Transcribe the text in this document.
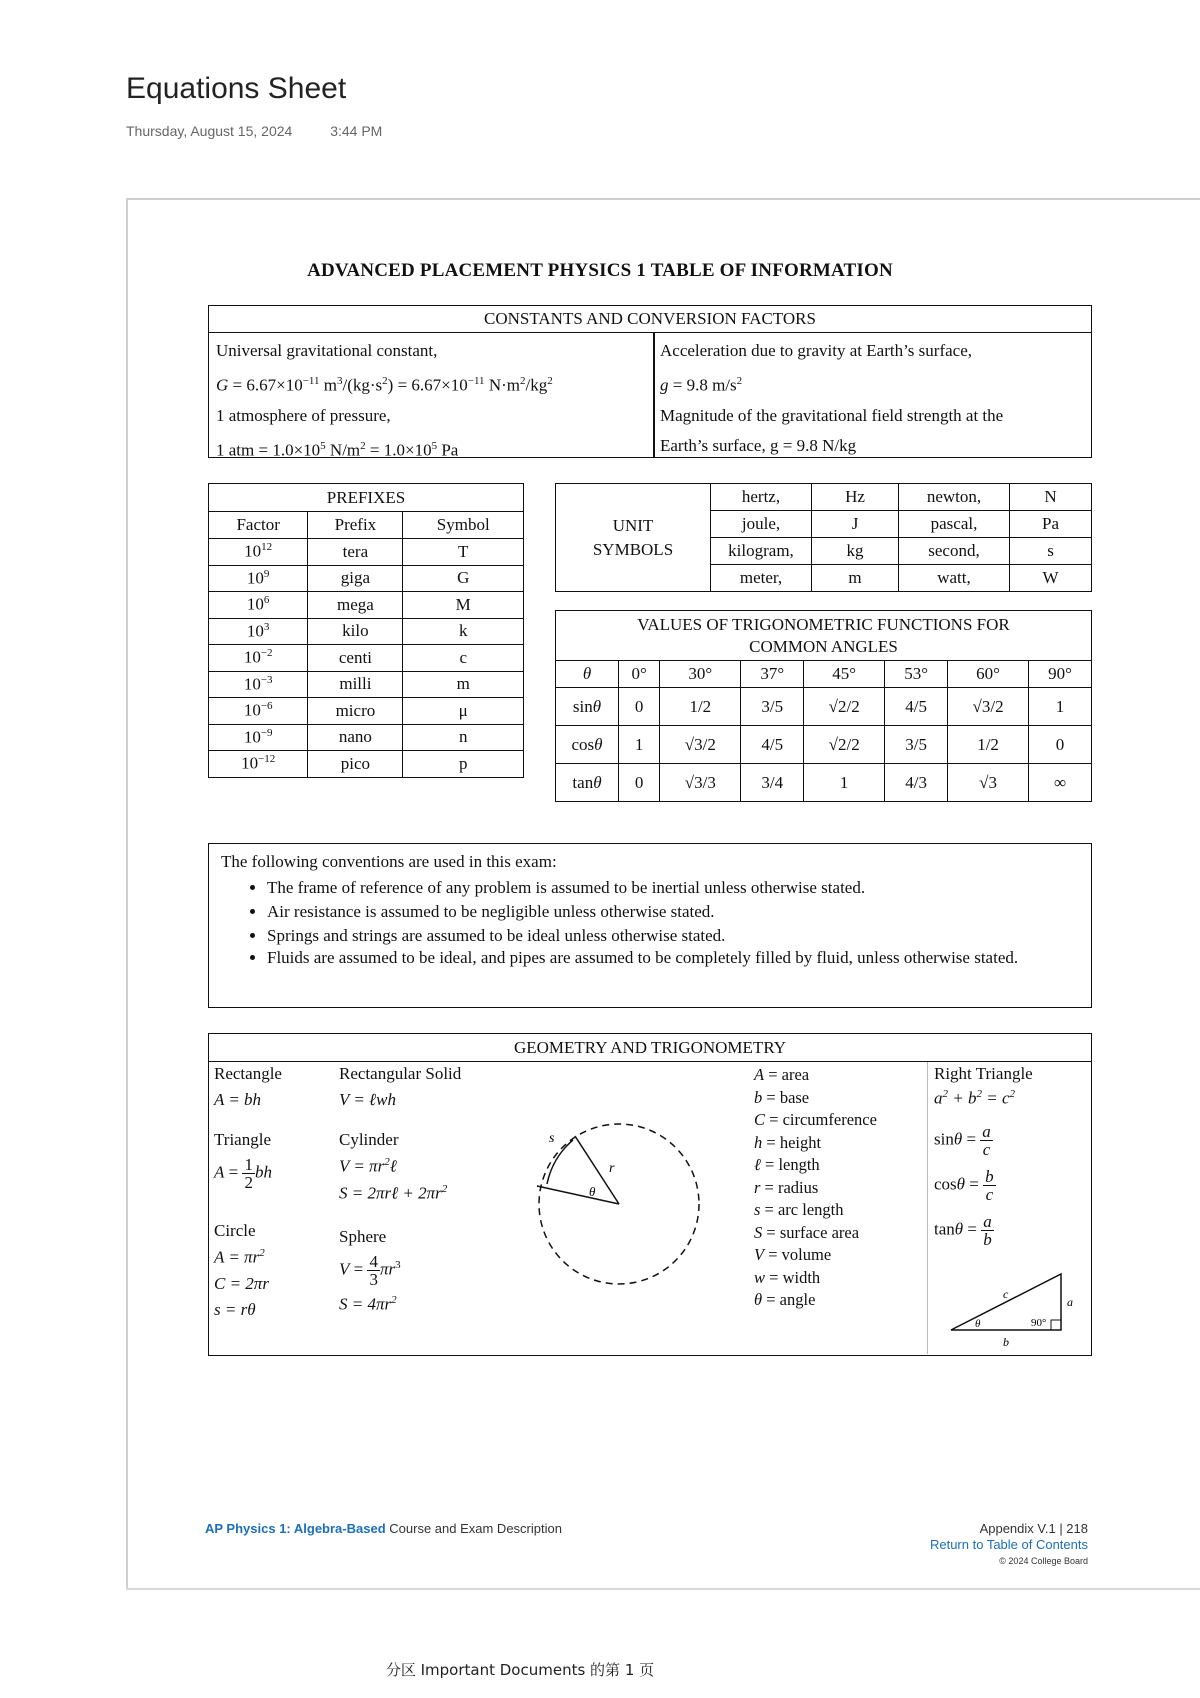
Equations Sheet
Thursday, August 15, 2024	3:44 PM
ADVANCED PLACEMENT PHYSICS 1 TABLE OF INFORMATION
CONSTANTS AND CONVERSION FACTORS
Universal gravitational constant,
$G = 6.67\times 10^{-11}$ $m^3/(kg\cdot s^2) = 6.67\times 10^{-11}$ $N\cdot m^2/kg^2$
1 atmosphere of pressure,
1 atm = $1.0\times 10^5$ $N/m^2 = 1.0\times 10^5$ Pa
Acceleration due to gravity at Earth’s surface,
g = 9.8 $m/s^2$
Magnitude of the gravitational field strength at the
Earth’s surface, g = 9.8 N/kg
PREFIXES		
Factor	Prefix	Symbol
$10^{12}$	tera	T
$10^9$	giga	G
$10^6$	mega	M
$10^3$	kilo	k
$10^{-2}$	centi	c
$10^{-3}$	milli	m
$10^{-6}$	micro	μ
$10^{-9}$	nano	n
$10^{-12}$	pico	p
UNIT
SYMBOLS	hertz,	Hz	newton,	N
	joule,	J	pascal,	Pa
	kilogram,	kg	second,	s
	meter,	m	watt,	W
VALUES OF TRIGONOMETRIC FUNCTIONS FOR
COMMON ANGLES							

θ	0°	30°	37°	45°	53°	60°	90°
sinθ	0	1/2	3/5	√2/2	4/5	√3/2	1
cosθ	1	√3/2	4/5	√2/2	3/5	1/2	0
tanθ	0	√3/3	3/4	1	4/3	√3	∞
The following conventions are used in this exam:
• The frame of reference of any problem is assumed to be inertial unless otherwise stated.
• Air resistance is assumed to be negligible unless otherwise stated.
• Springs and strings are assumed to be ideal unless otherwise stated.
• Fluids are assumed to be ideal, and pipes are assumed to be completely filled by fluid, unless otherwise stated.
GEOMETRY AND TRIGONOMETRY
Rectangle
A = bh
Triangle
$A = \frac{1}{2}$ bh
Circle
$A = \pi r^2$
C = 2πr
s = rθ
Rectangular Solid
V = ℓwh
Cylinder
$V = \pi r^2\ell$
S = 2πrℓ + $2\pi r^2$
Sphere
$V = \frac{4}{3} \pi r^3$
$S = 4\pi r^2$
s
r
θ
A = area
b = base
C = circumference
h = height
ℓ = length
r = radius
s = arc length
S = surface area
V = volume
w = width
θ = angle
Right Triangle
$a^2 + b^2 = c^2$
$\sin\theta = \frac{a}{c}$
$\cos\theta = \frac{b}{c}$
$\tan\theta = \frac{a}{b}$
c
a
b
θ	90°
AP Physics 1: Algebra-Based Course and Exam Description	Appendix V.1 | 218
Return to Table of Contents
© 2024 College Board
分区 Important Documents 的第 1 页
